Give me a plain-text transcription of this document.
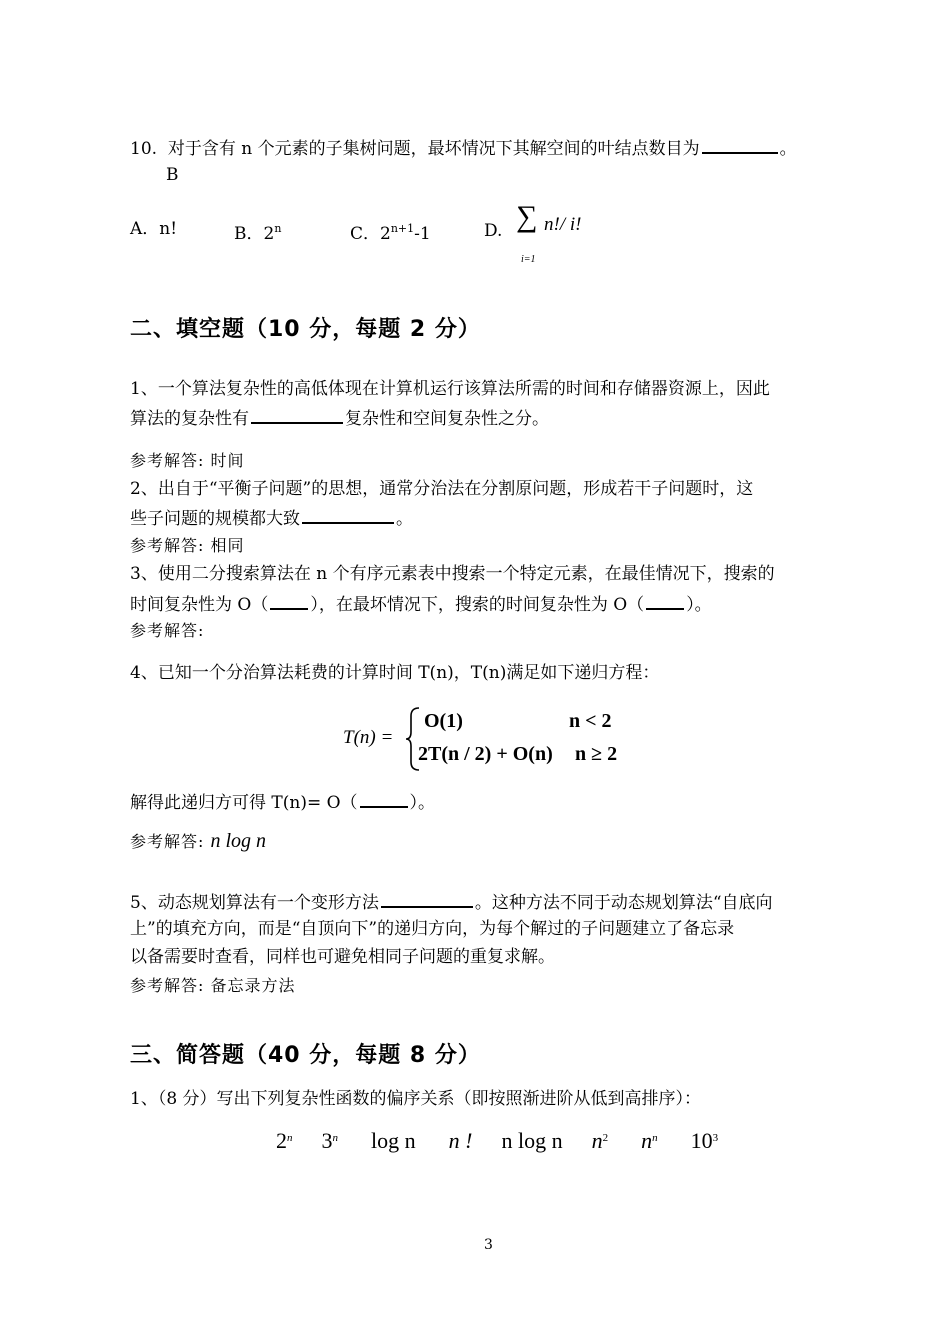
10. 对于含有 n 个元素的子集树问题，最坏情况下其解空间的叶结点数目为	。
B
A．n!	B．2$^n$	C．$2^{n+1}-1$	D. ∑ n!/ i!
i=1
二、填空题（10 分，每题 2 分）
1、一个算法复杂性的高低体现在计算机运行该算法所需的时间和存储器资源上，因此
算法的复杂性有	复杂性和空间复杂性之分。
参考解答: 时间
2、出自于“平衡子问题”的思想，通常分治法在分割原问题，形成若干子问题时，这
些子问题的规模都大致	。
参考解答: 相同
3、使用二分搜索算法在 n 个有序元素表中搜索一个特定元素，在最佳情况下，搜索的
时间复杂性为 O（ ），在最坏情况下，搜索的时间复杂性为 O（ ）。
参考解答:
4、已知一个分治算法耗费的计算时间 T(n)，T(n)满足如下递归方程：
T(n) =
O(1)	n < 2
2T(n / 2) + O(n) n ≥ 2
解得此递归方可得 T(n)= O（	）。
参考解答: n log n
5、动态规划算法有一个变形方法	。这种方法不同于动态规划算法“自底向
上”的填充方向，而是“自顶向下”的递归方向，为每个解过的子问题建立了备忘录
以备需要时查看，同样也可避免相同子问题的重复求解。
参考解答: 备忘录方法
三、简答题（40 分，每题 8 分）
1、（8 分）写出下列复杂性函数的偏序关系（即按照渐进阶从低到高排序）：
2$^n$ 3$^n$ log n n ! n log n $n^2$ $n^n$ $10^3$
3
